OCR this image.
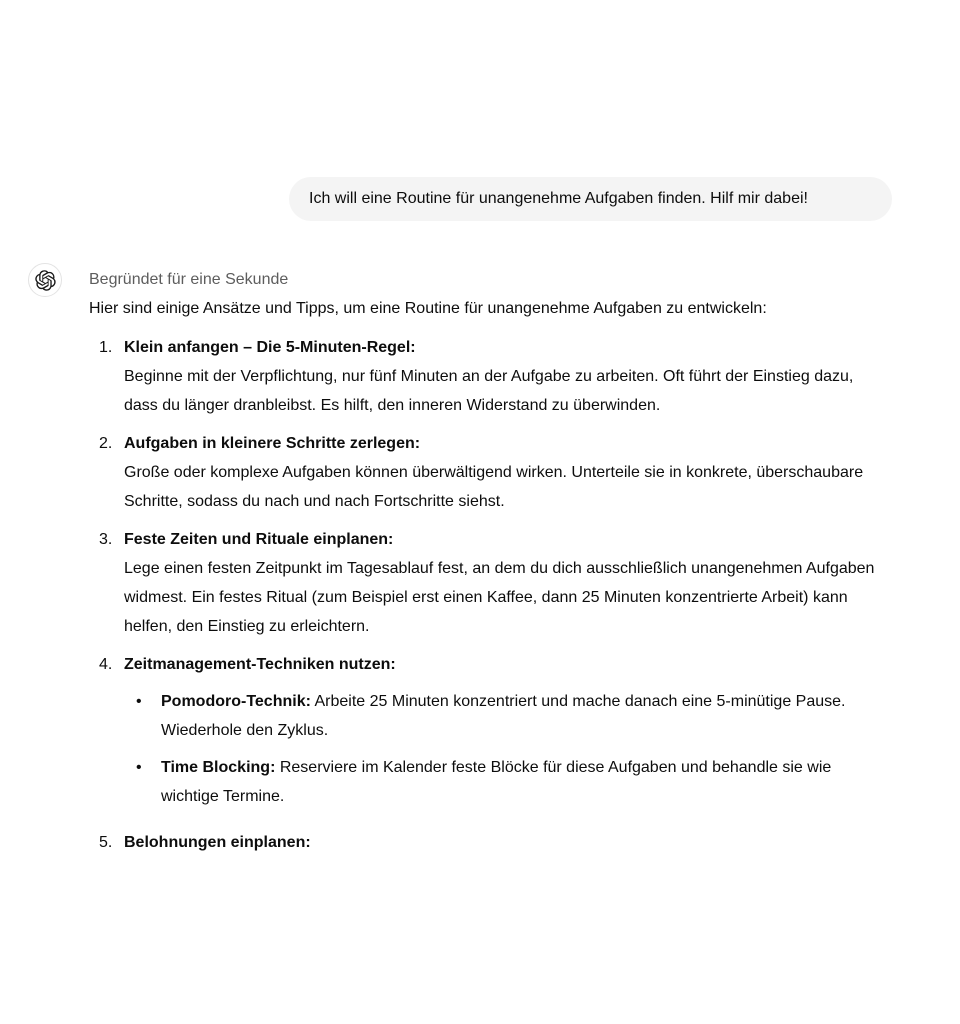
Ich will eine Routine für unangenehme Aufgaben finden. Hilf mir dabei!
Begründet für eine Sekunde

Hier sind einige Ansätze und Tipps, um eine Routine für unangenehme Aufgaben zu entwickeln:

1. Klein anfangen – Die 5-Minuten-Regel:
Beginne mit der Verpflichtung, nur fünf Minuten an der Aufgabe zu arbeiten. Oft führt der Einstieg dazu, dass du länger dranbleibst. Es hilft, den inneren Widerstand zu überwinden.
2. Aufgaben in kleinere Schritte zerlegen:
Große oder komplexe Aufgaben können überwältigend wirken. Unterteile sie in konkrete, überschaubare Schritte, sodass du nach und nach Fortschritte siehst.
3. Feste Zeiten und Rituale einplanen:
Lege einen festen Zeitpunkt im Tagesablauf fest, an dem du dich ausschließlich unangenehmen Aufgaben widmest. Ein festes Ritual (zum Beispiel erst einen Kaffee, dann 25 Minuten konzentrierte Arbeit) kann helfen, den Einstieg zu erleichtern.
4. Zeitmanagement-Techniken nutzen:
•	Pomodoro-Technik: Arbeite 25 Minuten konzentriert und mache danach eine 5-minütige Pause. Wiederhole den Zyklus.
•	Time Blocking: Reserviere im Kalender feste Blöcke für diese Aufgaben und behandle sie wie wichtige Termine.
5. Belohnungen einplanen:
